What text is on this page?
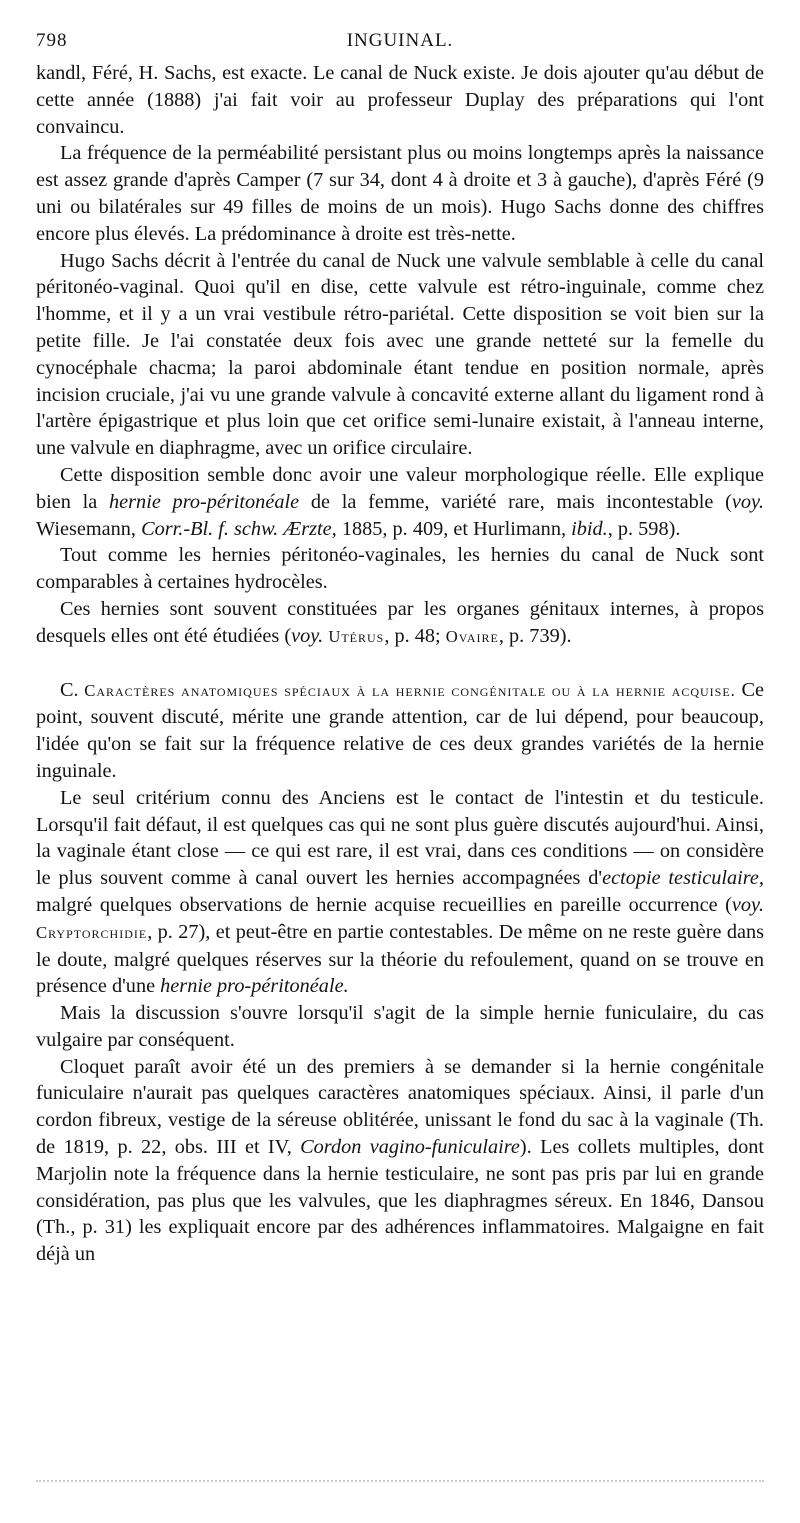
798	INGUINAL.

kandl, Féré, H. Sachs, est exacte. Le canal de Nuck existe. Je dois ajouter qu'au début de cette année (1888) j'ai fait voir au professeur Duplay des préparations qui l'ont convaincu.

La fréquence de la perméabilité persistant plus ou moins longtemps après la naissance est assez grande d'après Camper (7 sur 34, dont 4 à droite et 3 à gauche), d'après Féré (9 uni ou bilatérales sur 49 filles de moins de un mois). Hugo Sachs donne des chiffres encore plus élevés. La prédominance à droite est très-nette.

Hugo Sachs décrit à l'entrée du canal de Nuck une valvule semblable à celle du canal péritonéo-vaginal. Quoi qu'il en dise, cette valvule est rétro-inguinale, comme chez l'homme, et il y a un vrai vestibule rétro-pariétal. Cette disposition se voit bien sur la petite fille. Je l'ai constatée deux fois avec une grande netteté sur la femelle du cynocéphale chacma; la paroi abdominale étant tendue en position normale, après incision cruciale, j'ai vu une grande valvule à concavité externe allant du ligament rond à l'artère épigastrique et plus loin que cet orifice semi-lunaire existait, à l'anneau interne, une valvule en diaphragme, avec un orifice circulaire.

Cette disposition semble donc avoir une valeur morphologique réelle. Elle explique bien la hernie pro-péritonéale de la femme, variété rare, mais incontestable (voy. Wiesemann, Corr.-Bl. f. schw. Ærzte, 1885, p. 409, et Hurlimann, ibid., p. 598).

Tout comme les hernies péritonéo-vaginales, les hernies du canal de Nuck sont comparables à certaines hydrocèles.

Ces hernies sont souvent constituées par les organes génitaux internes, à propos desquels elles ont été étudiées (voy. Utérus, p. 48; Ovaire, p. 739).

C. Caractères anatomiques spéciaux à la hernie congénitale ou à la hernie acquise. Ce point, souvent discuté, mérite une grande attention, car de lui dépend, pour beaucoup, l'idée qu'on se fait sur la fréquence relative de ces deux grandes variétés de la hernie inguinale.

Le seul critérium connu des Anciens est le contact de l'intestin et du testicule. Lorsqu'il fait défaut, il est quelques cas qui ne sont plus guère discutés aujourd'hui. Ainsi, la vaginale étant close — ce qui est rare, il est vrai, dans ces conditions — on considère le plus souvent comme à canal ouvert les hernies accompagnées d'ectopie testiculaire, malgré quelques observations de hernie acquise recueillies en pareille occurrence (voy. Cryptorchidie, p. 27), et peut-être en partie contestables. De même on ne reste guère dans le doute, malgré quelques réserves sur la théorie du refoulement, quand on se trouve en présence d'une hernie pro-péritonéale.

Mais la discussion s'ouvre lorsqu'il s'agit de la simple hernie funiculaire, du cas vulgaire par conséquent.

Cloquet paraît avoir été un des premiers à se demander si la hernie congénitale funiculaire n'aurait pas quelques caractères anatomiques spéciaux. Ainsi, il parle d'un cordon fibreux, vestige de la séreuse oblitérée, unissant le fond du sac à la vaginale (Th. de 1819, p. 22, obs. III et IV, Cordon vagino-funiculaire). Les collets multiples, dont Marjolin note la fréquence dans la hernie testiculaire, ne sont pas pris par lui en grande considération, pas plus que les valvules, que les diaphragmes séreux. En 1846, Dansou (Th., p. 31) les expliquait encore par des adhérences inflammatoires. Malgaigne en fait déjà un
